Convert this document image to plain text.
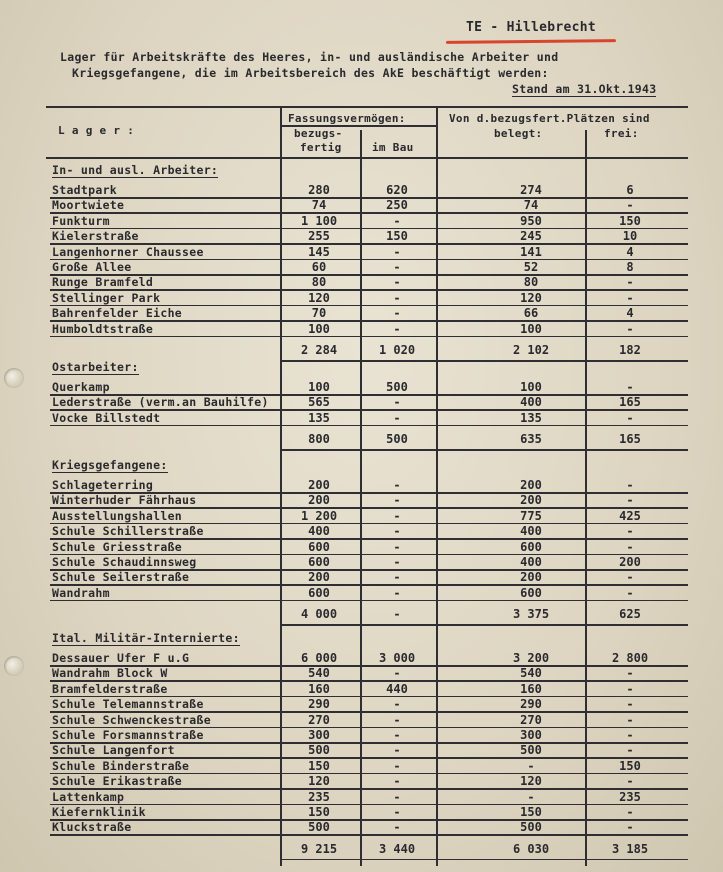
TE - Hillebrecht
Lager für Arbeitskräfte des Heeres, in- und ausländische Arbeiter und
Kriegsgefangene, die im Arbeitsbereich des AkE beschäftigt werden:
Stand am 31.Okt.1943
L a g e r :
Fassungsvermögen:
bezugs-
fertig	im Bau
Von d.bezugsfert.Plätzen sind
belegt:	frei:
In- und ausl. Arbeiter:
Stadtpark	280	620	274	6
Moortwiete	74	250	74	-
Funkturm	1 100	-	950	150
Kielerstraße	255	150	245	10
Langenhorner Chaussee	145	-	141	4
Große Allee	60	-	52	8
Runge Bramfeld	80	-	80	-
Stellinger Park	120	-	120	-
Bahrenfelder Eiche	70	-	66	4
Humboldtstraße	100	-	100	-
2 284	1 020	2 102	182
Ostarbeiter:
Querkamp	100	500	100	-
Lederstraße (verm.an Bauhilfe)	565	-	400	165
Vocke Billstedt	135	-	135	-
800	500	635	165
Kriegsgefangene:
Schlageterring	200	-	200	-
Winterhuder Fährhaus	200	-	200	-
Ausstellungshallen	1 200	-	775	425
Schule Schillerstraße	400	-	400	-
Schule Griesstraße	600	-	600	-
Schule Schaudinnsweg	600	-	400	200
Schule Seilerstraße	200	-	200	-
Wandrahm	600	-	600	-
4 000	-	3 375	625
Ital. Militär-Internierte:
Dessauer Ufer F u.G	6 000	3 000	3 200	2 800
Wandrahm Block W	540	-	540	-
Bramfelderstraße	160	440	160	-
Schule Telemannstraße	290	-	290	-
Schule Schwenckestraße	270	-	270	-
Schule Forsmannstraße	300	-	300	-
Schule Langenfort	500	-	500	-
Schule Binderstraße	150	-	-	150
Schule Erikastraße	120	-	120	-
Lattenkamp	235	-	-	235
Kiefernklinik	150	-	150	-
Kluckstraße	500	-	500	-
9 215	3 440	6 030	3 185
